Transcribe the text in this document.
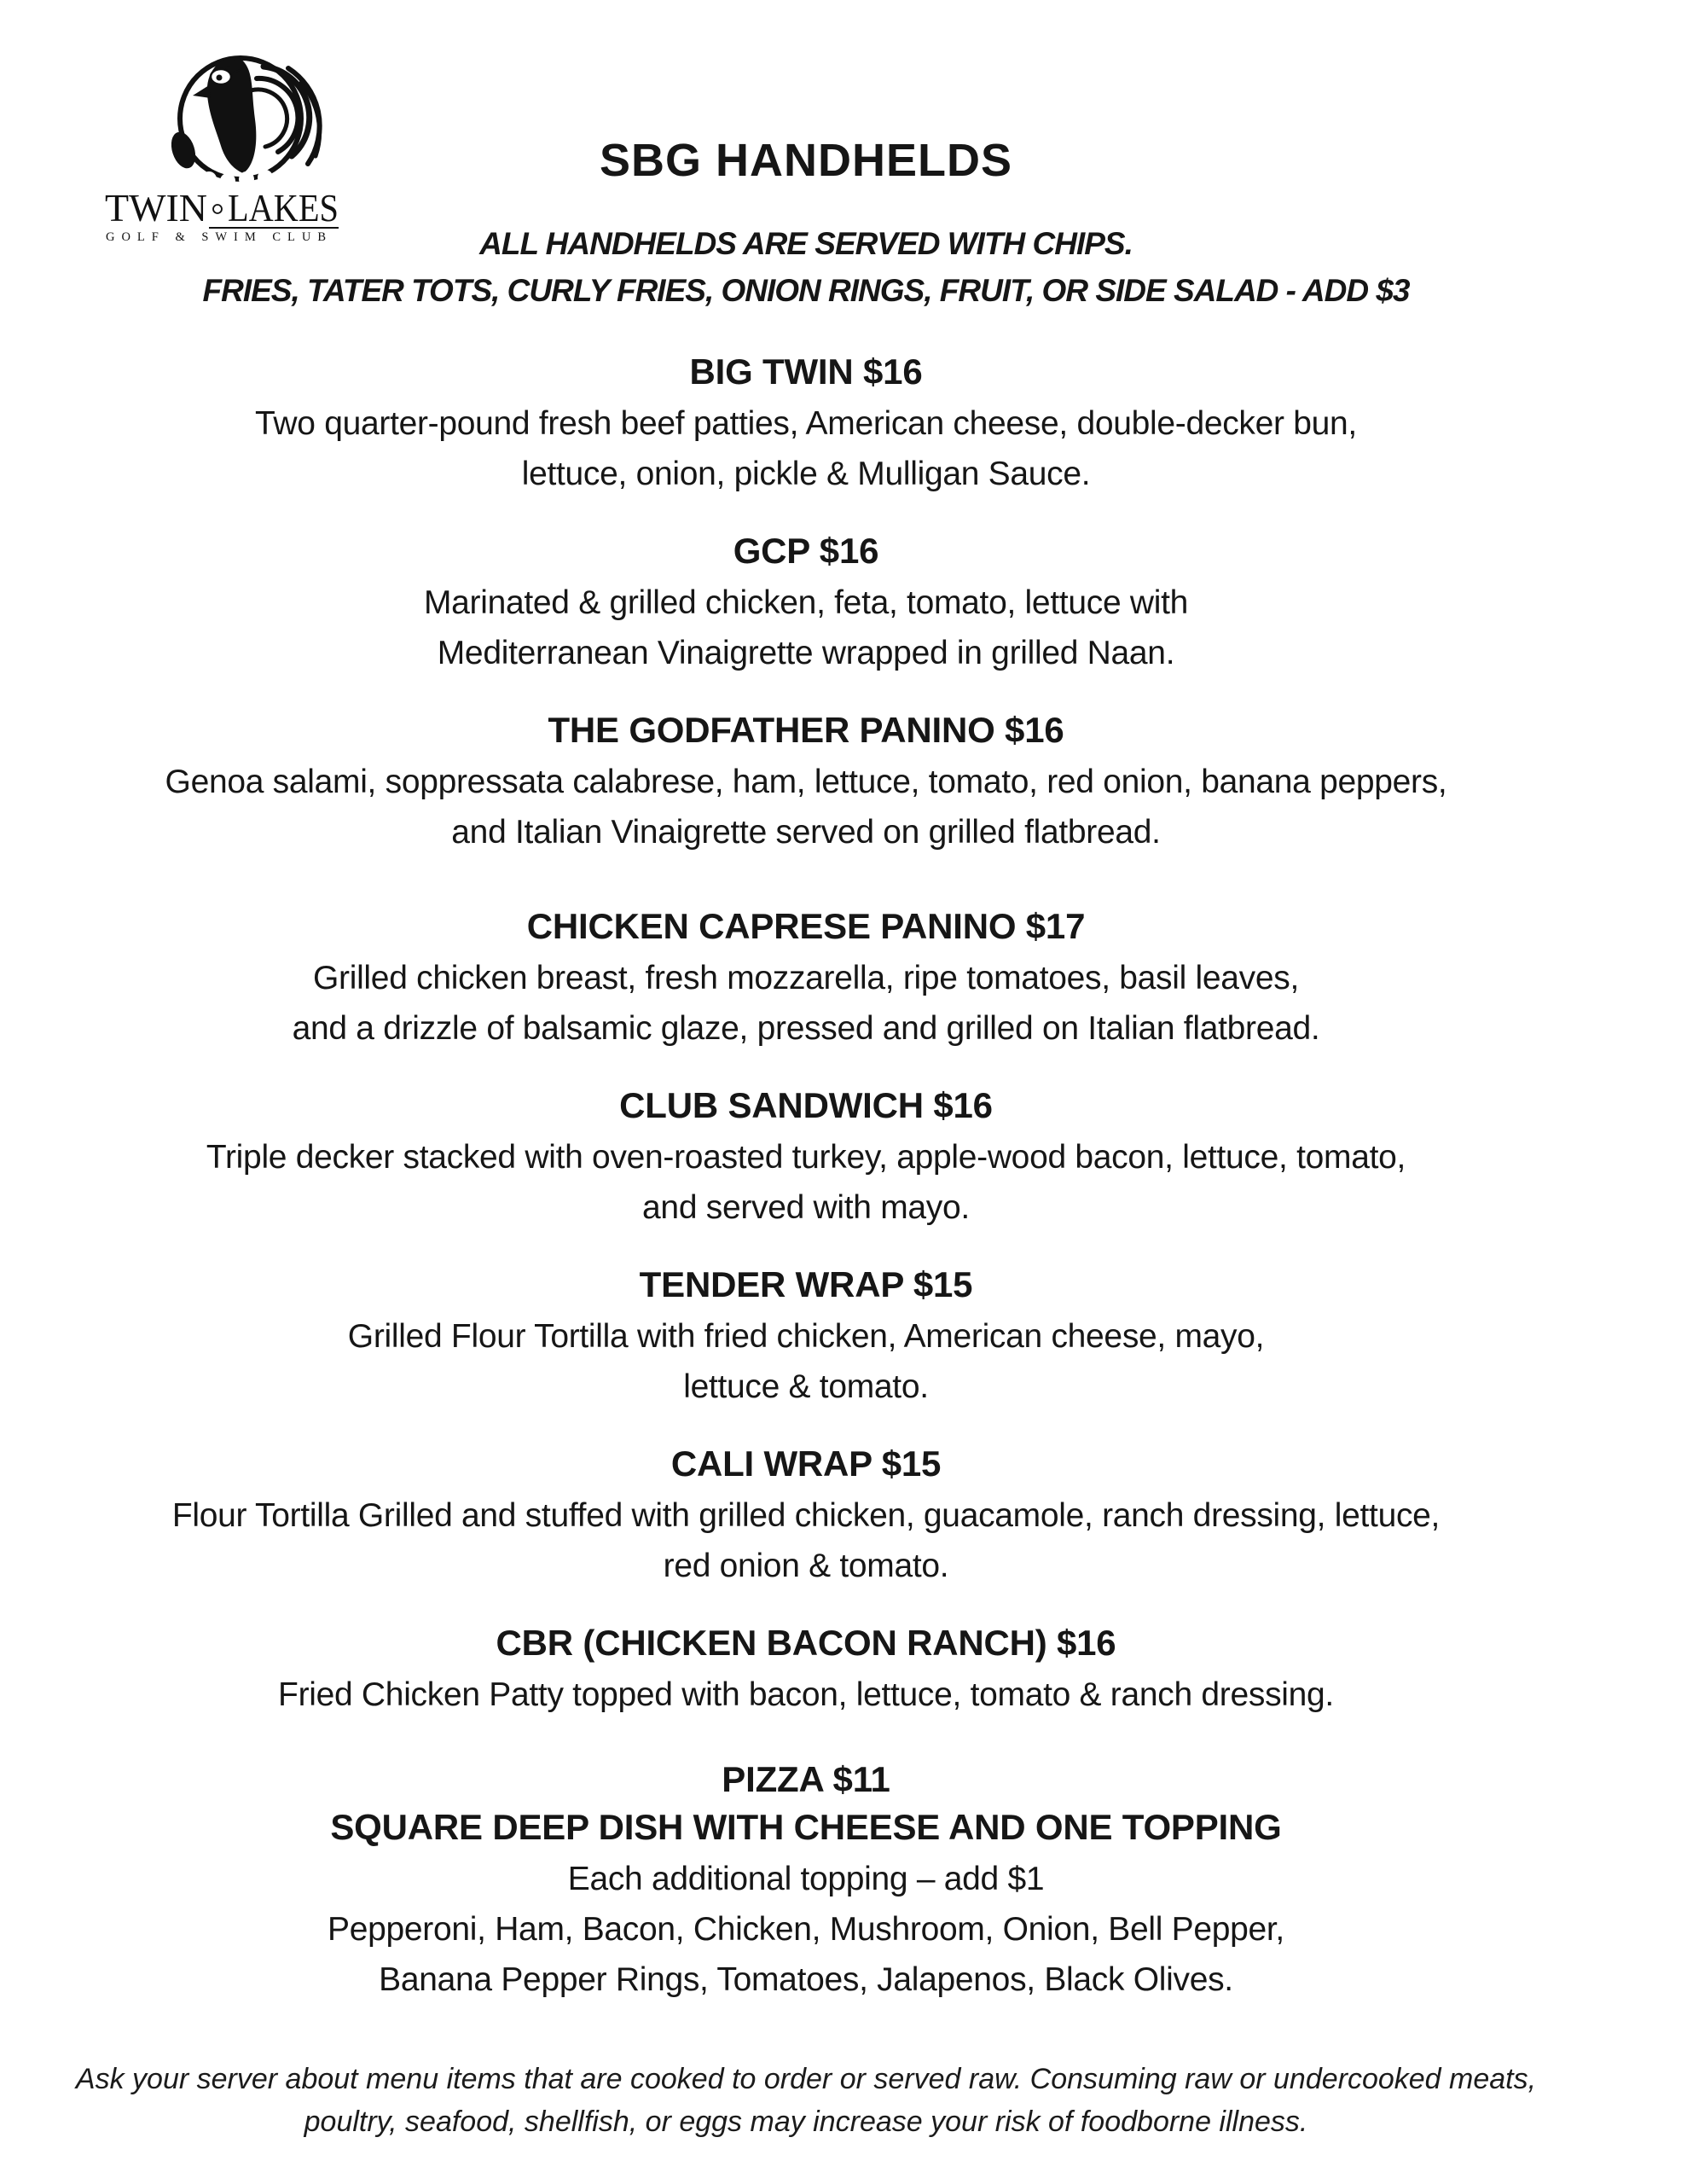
TWIN LAKES
GOLF & SWIM CLUB
SBG HANDHELDS
ALL HANDHELDS ARE SERVED WITH CHIPS.
FRIES, TATER TOTS, CURLY FRIES, ONION RINGS, FRUIT, OR SIDE SALAD - ADD $3
BIG TWIN $16
Two quarter-pound fresh beef patties, American cheese, double-decker bun,
lettuce, onion, pickle & Mulligan Sauce.
GCP $16
Marinated & grilled chicken, feta, tomato, lettuce with
Mediterranean Vinaigrette wrapped in grilled Naan.
THE GODFATHER PANINO $16
Genoa salami, soppressata calabrese, ham, lettuce, tomato, red onion, banana peppers,
and Italian Vinaigrette served on grilled flatbread.
CHICKEN CAPRESE PANINO $17
Grilled chicken breast, fresh mozzarella, ripe tomatoes, basil leaves,
and a drizzle of balsamic glaze, pressed and grilled on Italian flatbread.
CLUB SANDWICH $16
Triple decker stacked with oven-roasted turkey, apple-wood bacon, lettuce, tomato,
and served with mayo.
TENDER WRAP $15
Grilled Flour Tortilla with fried chicken, American cheese, mayo,
lettuce & tomato.
CALI WRAP $15
Flour Tortilla Grilled and stuffed with grilled chicken, guacamole, ranch dressing, lettuce,
red onion & tomato.
CBR (CHICKEN BACON RANCH) $16
Fried Chicken Patty topped with bacon, lettuce, tomato & ranch dressing.
PIZZA $11
SQUARE DEEP DISH WITH CHEESE AND ONE TOPPING
Each additional topping – add $1
Pepperoni, Ham, Bacon, Chicken, Mushroom, Onion, Bell Pepper,
Banana Pepper Rings, Tomatoes, Jalapenos, Black Olives.
Ask your server about menu items that are cooked to order or served raw. Consuming raw or undercooked meats,
poultry, seafood, shellfish, or eggs may increase your risk of foodborne illness.
